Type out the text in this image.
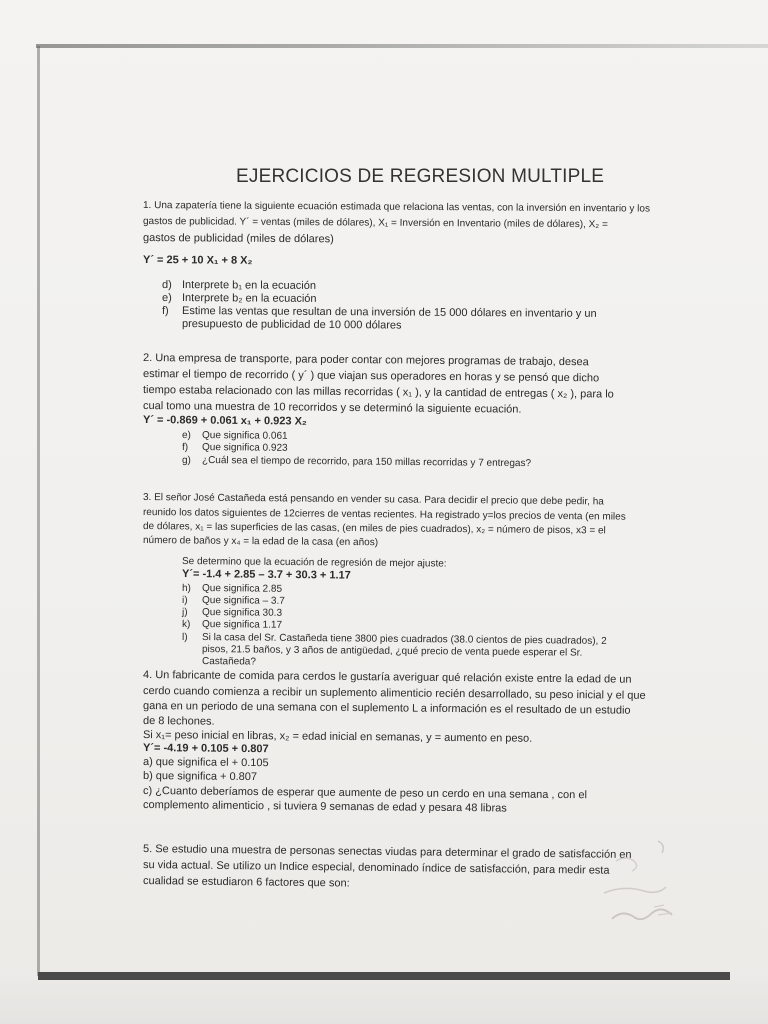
EJERCICIOS DE REGRESION MULTIPLE
1. Una zapatería tiene la siguiente ecuación estimada que relaciona las ventas, con la inversión en inventario y los
gastos de publicidad. Y´ = ventas (miles de dólares), X₁ = Inversión en Inventario (miles de dólares), X₂ =
gastos de publicidad (miles de dólares)
Y´ = 25 + 10 X₁ + 8 X₂
d) Interprete b₁ en la ecuación
e) Interprete b₂ en la ecuación
f) Estime las ventas que resultan de una inversión de 15 000 dólares en inventario y un
presupuesto de publicidad de 10 000 dólares
2. Una empresa de transporte, para poder contar con mejores programas de trabajo, desea
estimar el tiempo de recorrido ( y´ ) que viajan sus operadores en horas y se pensó que dicho
tiempo estaba relacionado con las millas recorridas ( x₁ ), y la cantidad de entregas ( x₂ ), para lo
cual tomo una muestra de 10 recorridos y se determinó la siguiente ecuación.
Y´ = -0.869 + 0.061 x₁ + 0.923 X₂
e) Que significa 0.061
f) Que significa 0.923
g) ¿Cuál sea el tiempo de recorrido, para 150 millas recorridas y 7 entregas?
3. El señor José Castañeda está pensando en vender su casa. Para decidir el precio que debe pedir, ha
reunido los datos siguientes de 12cierres de ventas recientes. Ha registrado y=los precios de venta (en miles
de dólares, x₁ = las superficies de las casas, (en miles de pies cuadrados), x₂ = número de pisos, x3 = el
número de baños y x₄ = la edad de la casa (en años)
Se determino que la ecuación de regresión de mejor ajuste:
Y´= -1.4 + 2.85 – 3.7 + 30.3 + 1.17
h) Que significa 2.85
i) Que significa – 3.7
j) Que significa 30.3
k) Que significa 1.17
l) Si la casa del Sr. Castañeda tiene 3800 pies cuadrados (38.0 cientos de pies cuadrados), 2
pisos, 21.5 baños, y 3 años de antigüedad, ¿qué precio de venta puede esperar el Sr.
Castañeda?
4. Un fabricante de comida para cerdos le gustaría averiguar qué relación existe entre la edad de un
cerdo cuando comienza a recibir un suplemento alimenticio recién desarrollado, su peso inicial y el que
gana en un periodo de una semana con el suplemento L a información es el resultado de un estudio
de 8 lechones.
Si x₁= peso inicial en libras, x₂ = edad inicial en semanas, y = aumento en peso.
Y´= -4.19 + 0.105 + 0.807
a) que significa el + 0.105
b) que significa + 0.807
c) ¿Cuanto deberíamos de esperar que aumente de peso un cerdo en una semana , con el
complemento alimenticio , si tuviera 9 semanas de edad y pesara 48 libras
5. Se estudio una muestra de personas senectas viudas para determinar el grado de satisfacción en
su vida actual. Se utilizo un Indice especial, denominado índice de satisfacción, para medir esta
cualidad se estudiaron 6 factores que son:
